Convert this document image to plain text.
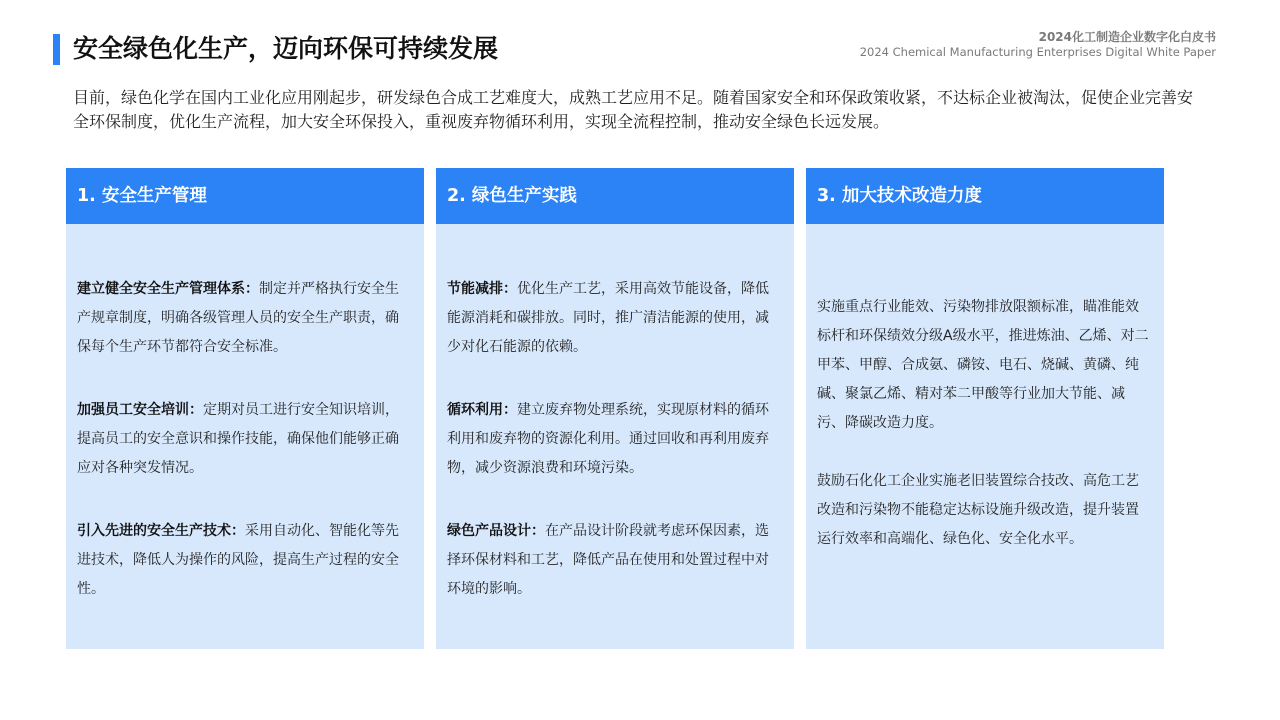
安全绿色化生产，迈向环保可持续发展	2024化工制造企业数字化白皮书
2024 Chemical Manufacturing Enterprises Digital White Paper

目前，绿色化学在国内工业化应用刚起步，研发绿色合成工艺难度大，成熟工艺应用不足。随着国家安全和环保政策收紧，不达标企业被淘汰，促使企业完善安全环保制度，优化生产流程，加大安全环保投入，重视废弃物循环利用，实现全流程控制，推动安全绿色长远发展。

1. 安全生产管理

建立健全安全生产管理体系：制定并严格执行安全生产规章制度，明确各级管理人员的安全生产职责，确保每个生产环节都符合安全标准。

加强员工安全培训：定期对员工进行安全知识培训，提高员工的安全意识和操作技能，确保他们能够正确应对各种突发情况。

引入先进的安全生产技术：采用自动化、智能化等先进技术，降低人为操作的风险，提高生产过程的安全性。

2. 绿色生产实践

节能减排：优化生产工艺，采用高效节能设备，降低能源消耗和碳排放。同时，推广清洁能源的使用，减少对化石能源的依赖。

循环利用：建立废弃物处理系统，实现原材料的循环利用和废弃物的资源化利用。通过回收和再利用废弃物，减少资源浪费和环境污染。

绿色产品设计：在产品设计阶段就考虑环保因素，选择环保材料和工艺，降低产品在使用和处置过程中对环境的影响。

3. 加大技术改造力度

实施重点行业能效、污染物排放限额标准，瞄准能效标杆和环保绩效分级A级水平，推进炼油、乙烯、对二甲苯、甲醇、合成氨、磷铵、电石、烧碱、黄磷、纯碱、聚氯乙烯、精对苯二甲酸等行业加大节能、减污、降碳改造力度。

鼓励石化化工企业实施老旧装置综合技改、高危工艺改造和污染物不能稳定达标设施升级改造，提升装置运行效率和高端化、绿色化、安全化水平。
